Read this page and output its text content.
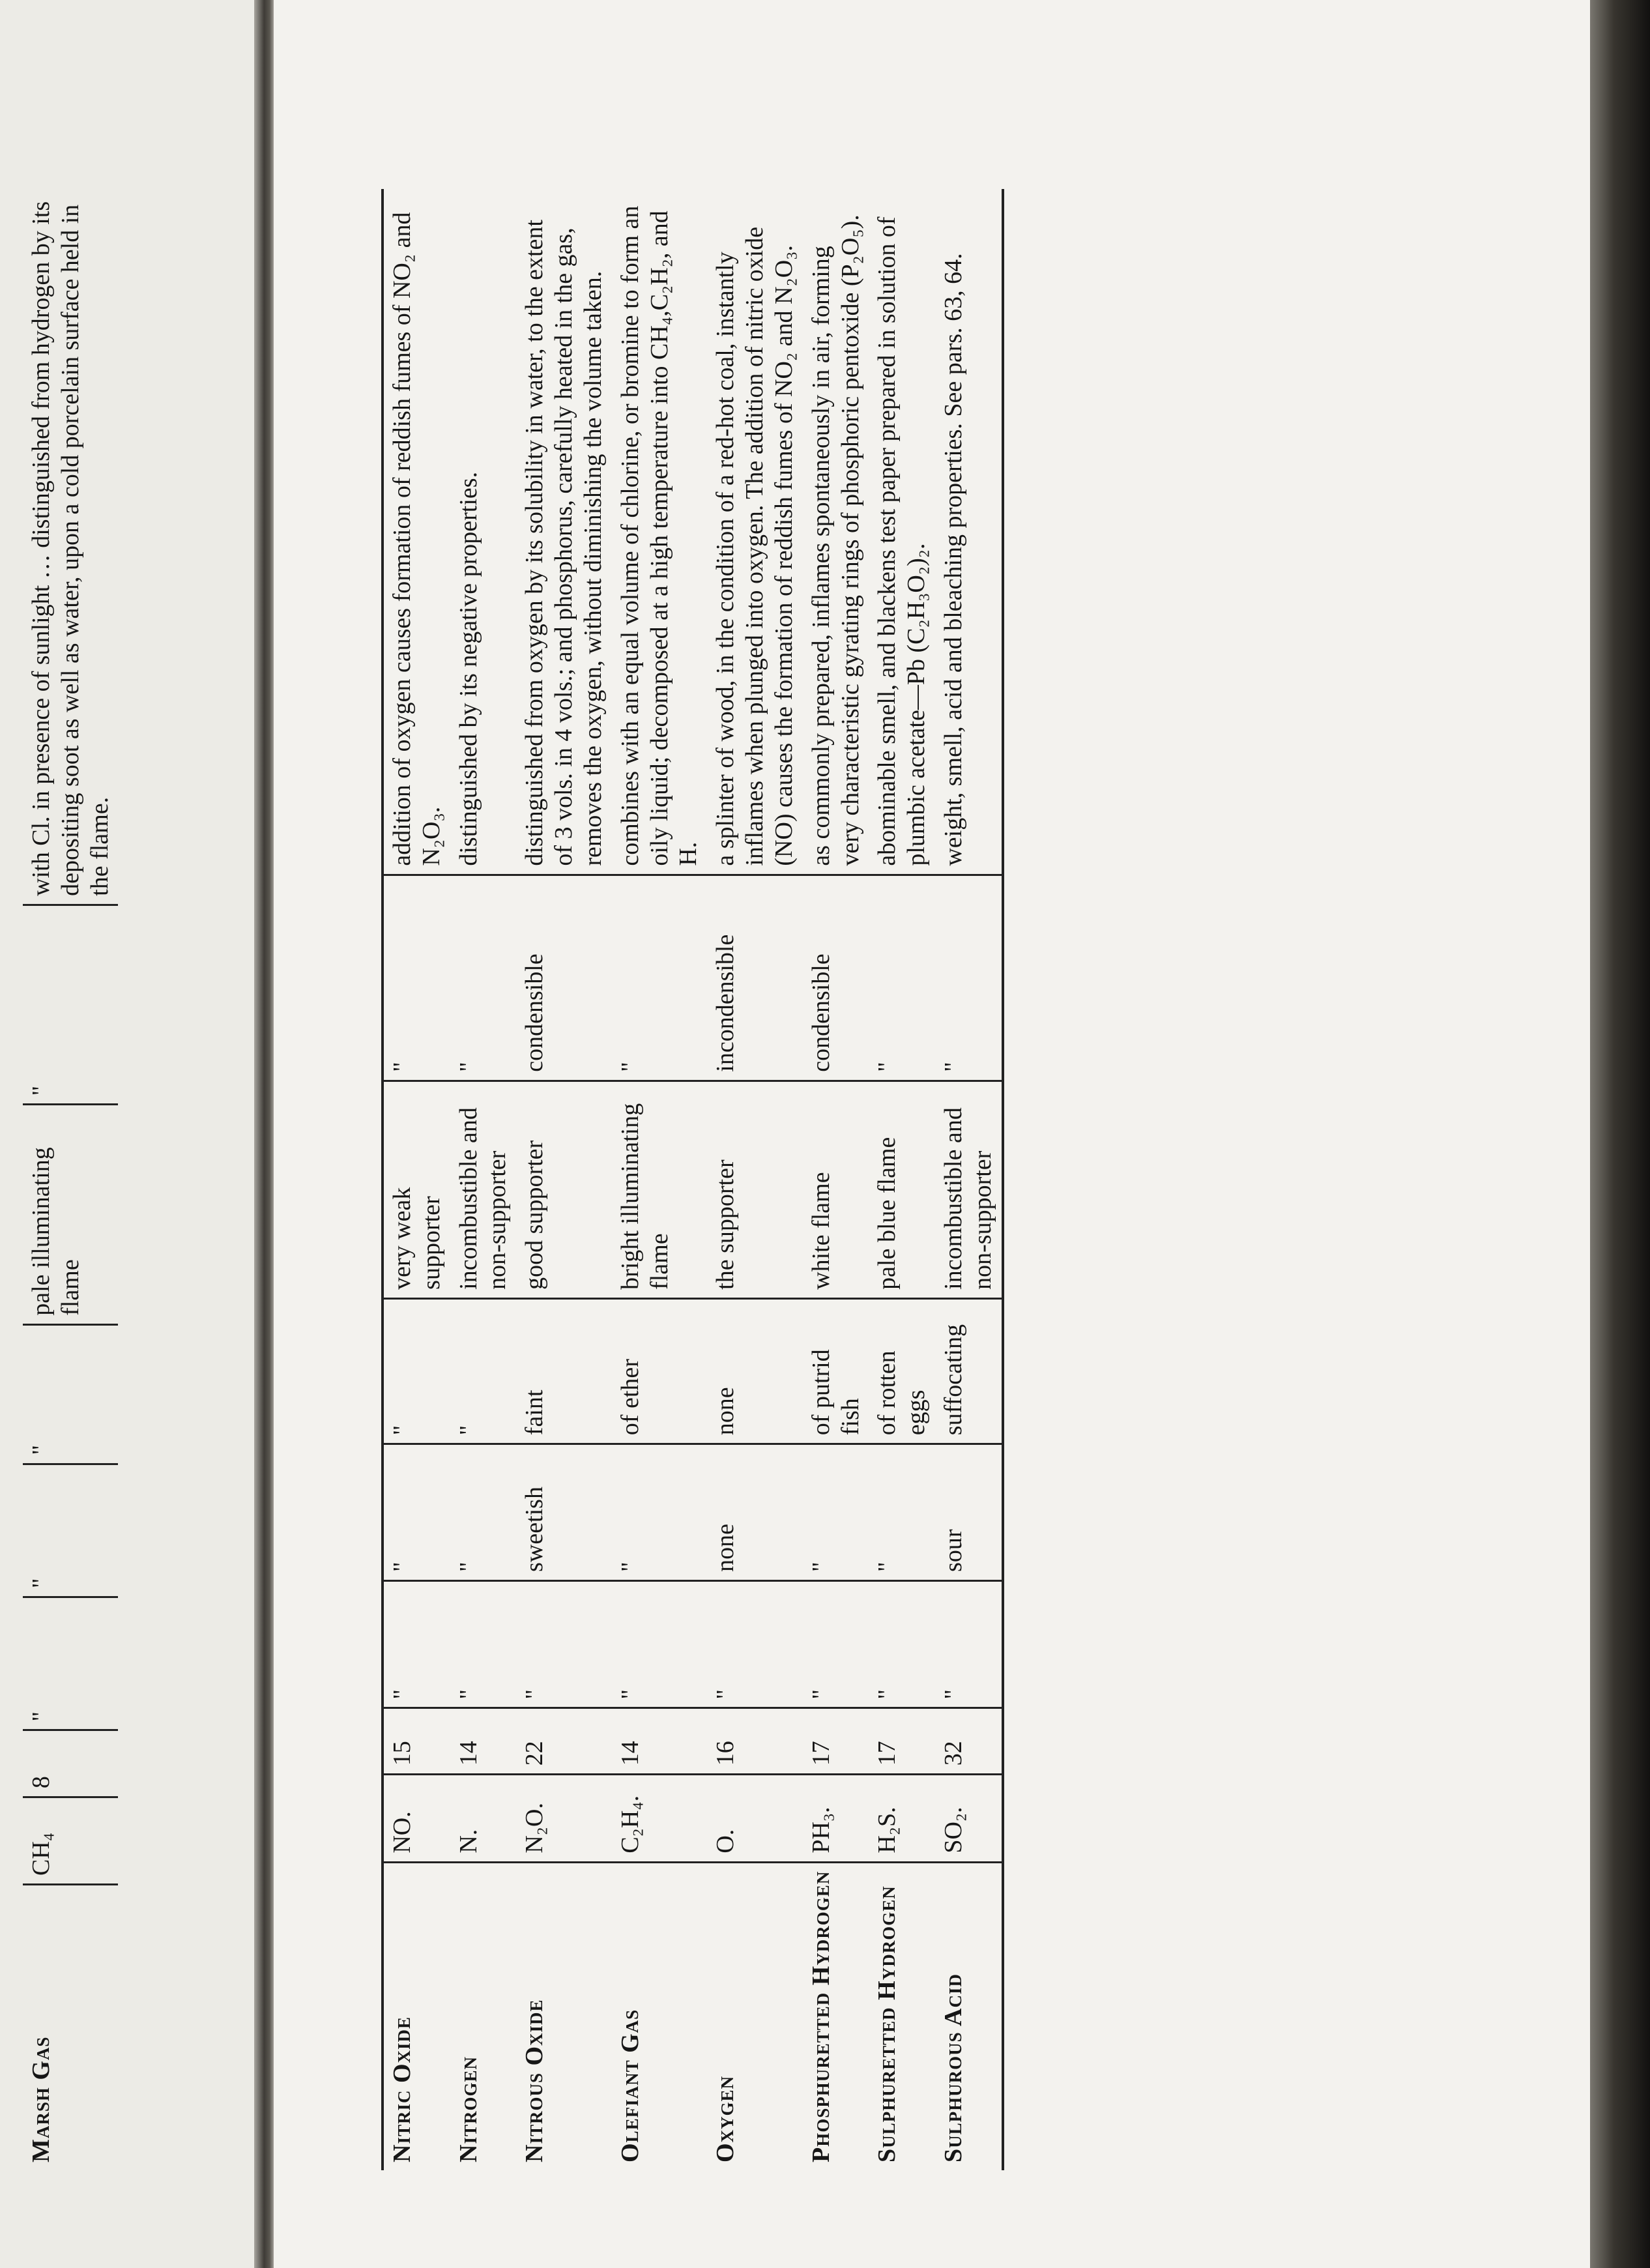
Marsh Gas	CH₄	8	"	"	"	pale illuminating flame	"	with Cl. in presence of sunlight … distinguished from hydrogen by its depositing soot as well as water, upon a cold porcelain surface held in the flame.
Nitric Oxide	NO.	15	"	"	"	very weak supporter	"	addition of oxygen causes formation of reddish fumes of NO₂ and N₂O₃.
Nitrogen	N.	14	"	"	"	incombustible and non-supporter	"	distinguished by its negative properties.
Nitrous Oxide	N₂O.	22	"	sweetish	faint	good supporter	condensible	distinguished from oxygen by its solubility in water, to the extent of 3 vols. in 4 vols.; and phosphorus, carefully heated in the gas, removes the oxygen, without diminishing the volume taken.
Olefiant Gas	C₂H₄.	14	"	"	of ether	bright illuminating flame	"	combines with an equal volume of chlorine, or bromine to form an oily liquid; decomposed at a high temperature into CH₄,C₂H₂, and H.
Oxygen	O.	16	"	none	none	the supporter	incondensible	a splinter of wood, in the condition of a red-hot coal, instantly inflames when plunged into oxygen. The addition of nitric oxide (NO) causes the formation of reddish fumes of NO₂ and N₂O₃.
Phosphuretted Hydrogen	PH₃.	17	"	"	of putrid fish	white flame	condensible	as commonly prepared, inflames spontaneously in air, forming very characteristic gyrating rings of phosphoric pentoxide (P₂O₅).
Sulphuretted Hydrogen	H₂S.	17	"	"	of rotten eggs	pale blue flame	"	abominable smell, and blackens test paper prepared in solution of plumbic acetate—Pb (C₂H₃O₂)₂.
Sulphurous Acid	SO₂.	32	"	sour	suffocating	incombustible and non-supporter	"	weight, smell, acid and bleaching properties. See pars. 63, 64.
